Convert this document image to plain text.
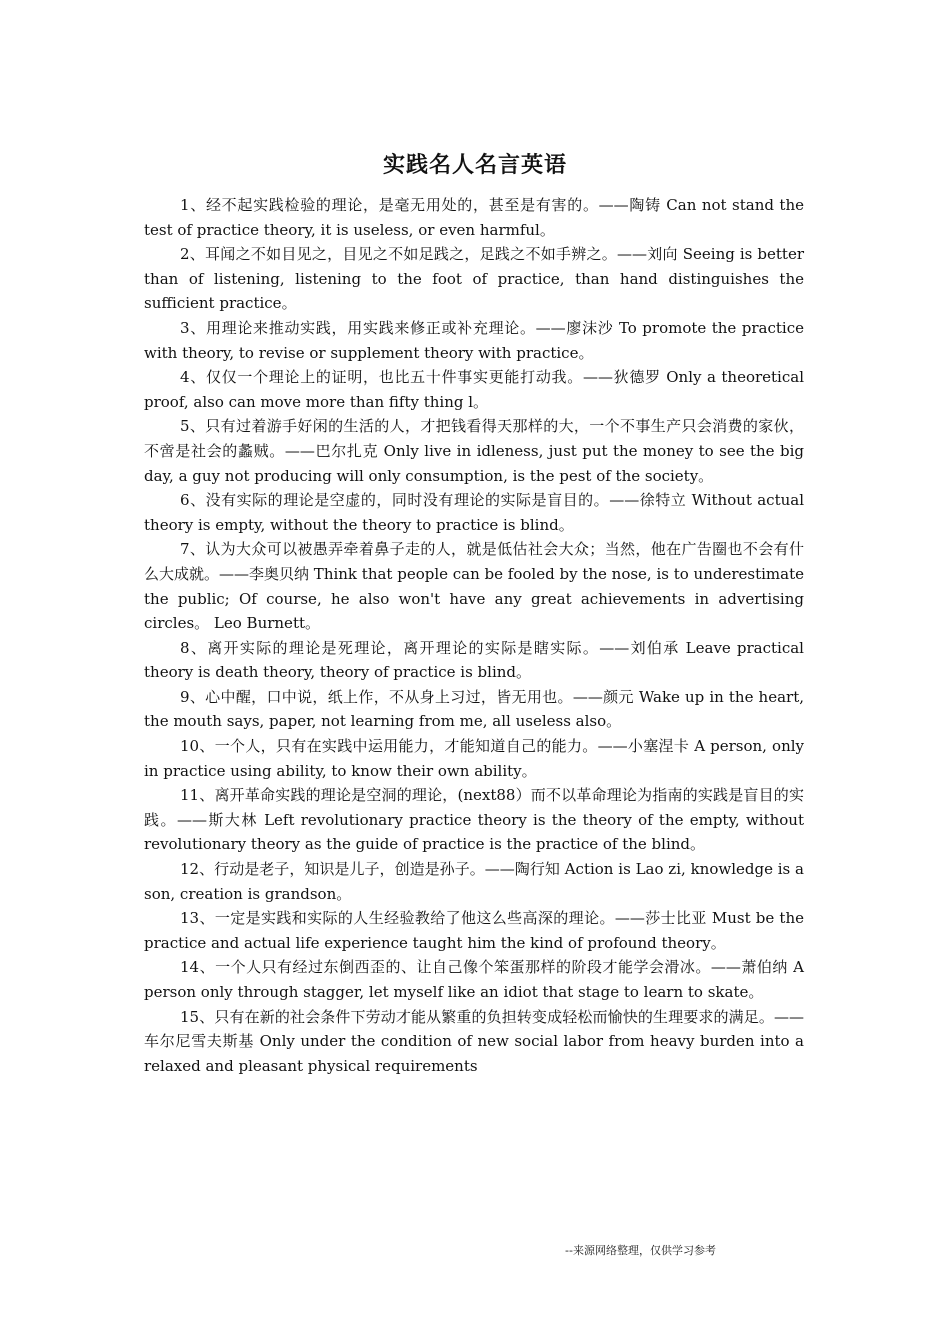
实践名人名言英语

1、经不起实践检验的理论，是毫无用处的，甚至是有害的。——陶铸 Can not stand the test of practice theory, it is useless, or even harmful。

2、耳闻之不如目见之，目见之不如足践之，足践之不如手辨之。——刘向 Seeing is better than of listening, listening to the foot of practice, than hand distinguishes the sufficient practice。

3、用理论来推动实践，用实践来修正或补充理论。——廖沫沙 To promote the practice with theory, to revise or supplement theory with practice。

4、仅仅一个理论上的证明，也比五十件事实更能打动我。——狄德罗 Only a theoretical proof, also can move more than fifty thing l。

5、只有过着游手好闲的生活的人，才把钱看得天那样的大，一个不事生产只会消费的家伙，不啻是社会的蠡贼。——巴尔扎克 Only live in idleness, just put the money to see the big day, a guy not producing will only consumption, is the pest of the society。

6、没有实际的理论是空虚的，同时没有理论的实际是盲目的。——徐特立 Without actual theory is empty, without the theory to practice is blind。

7、认为大众可以被愚弄牵着鼻子走的人，就是低估社会大众；当然，他在广告圈也不会有什么大成就。——李奥贝纳 Think that people can be fooled by the nose, is to underestimate the public; Of course, he also won't have any great achievements in advertising circles。 Leo Burnett。

8、离开实际的理论是死理论，离开理论的实际是瞎实际。——刘伯承 Leave practical theory is death theory, theory of practice is blind。

9、心中醒，口中说，纸上作，不从身上习过，皆无用也。——颜元 Wake up in the heart, the mouth says, paper, not learning from me, all useless also。

10、一个人，只有在实践中运用能力，才能知道自己的能力。——小塞涅卡 A person, only in practice using ability, to know their own ability。

11、离开革命实践的理论是空洞的理论，(next88）而不以革命理论为指南的实践是盲目的实践。——斯大林 Left revolutionary practice theory is the theory of the empty, without revolutionary theory as the guide of practice is the practice of the blind。

12、行动是老子，知识是儿子，创造是孙子。——陶行知 Action is Lao zi, knowledge is a son, creation is grandson。

13、一定是实践和实际的人生经验教给了他这么些高深的理论。——莎士比亚 Must be the practice and actual life experience taught him the kind of profound theory。

14、一个人只有经过东倒西歪的、让自己像个笨蛋那样的阶段才能学会滑冰。——萧伯纳 A person only through stagger, let myself like an idiot that stage to learn to skate。

15、只有在新的社会条件下劳动才能从繁重的负担转变成轻松而愉快的生理要求的满足。——车尔尼雪夫斯基 Only under the condition of new social labor from heavy burden into a relaxed and pleasant physical requirements

--来源网络整理，仅供学习参考
